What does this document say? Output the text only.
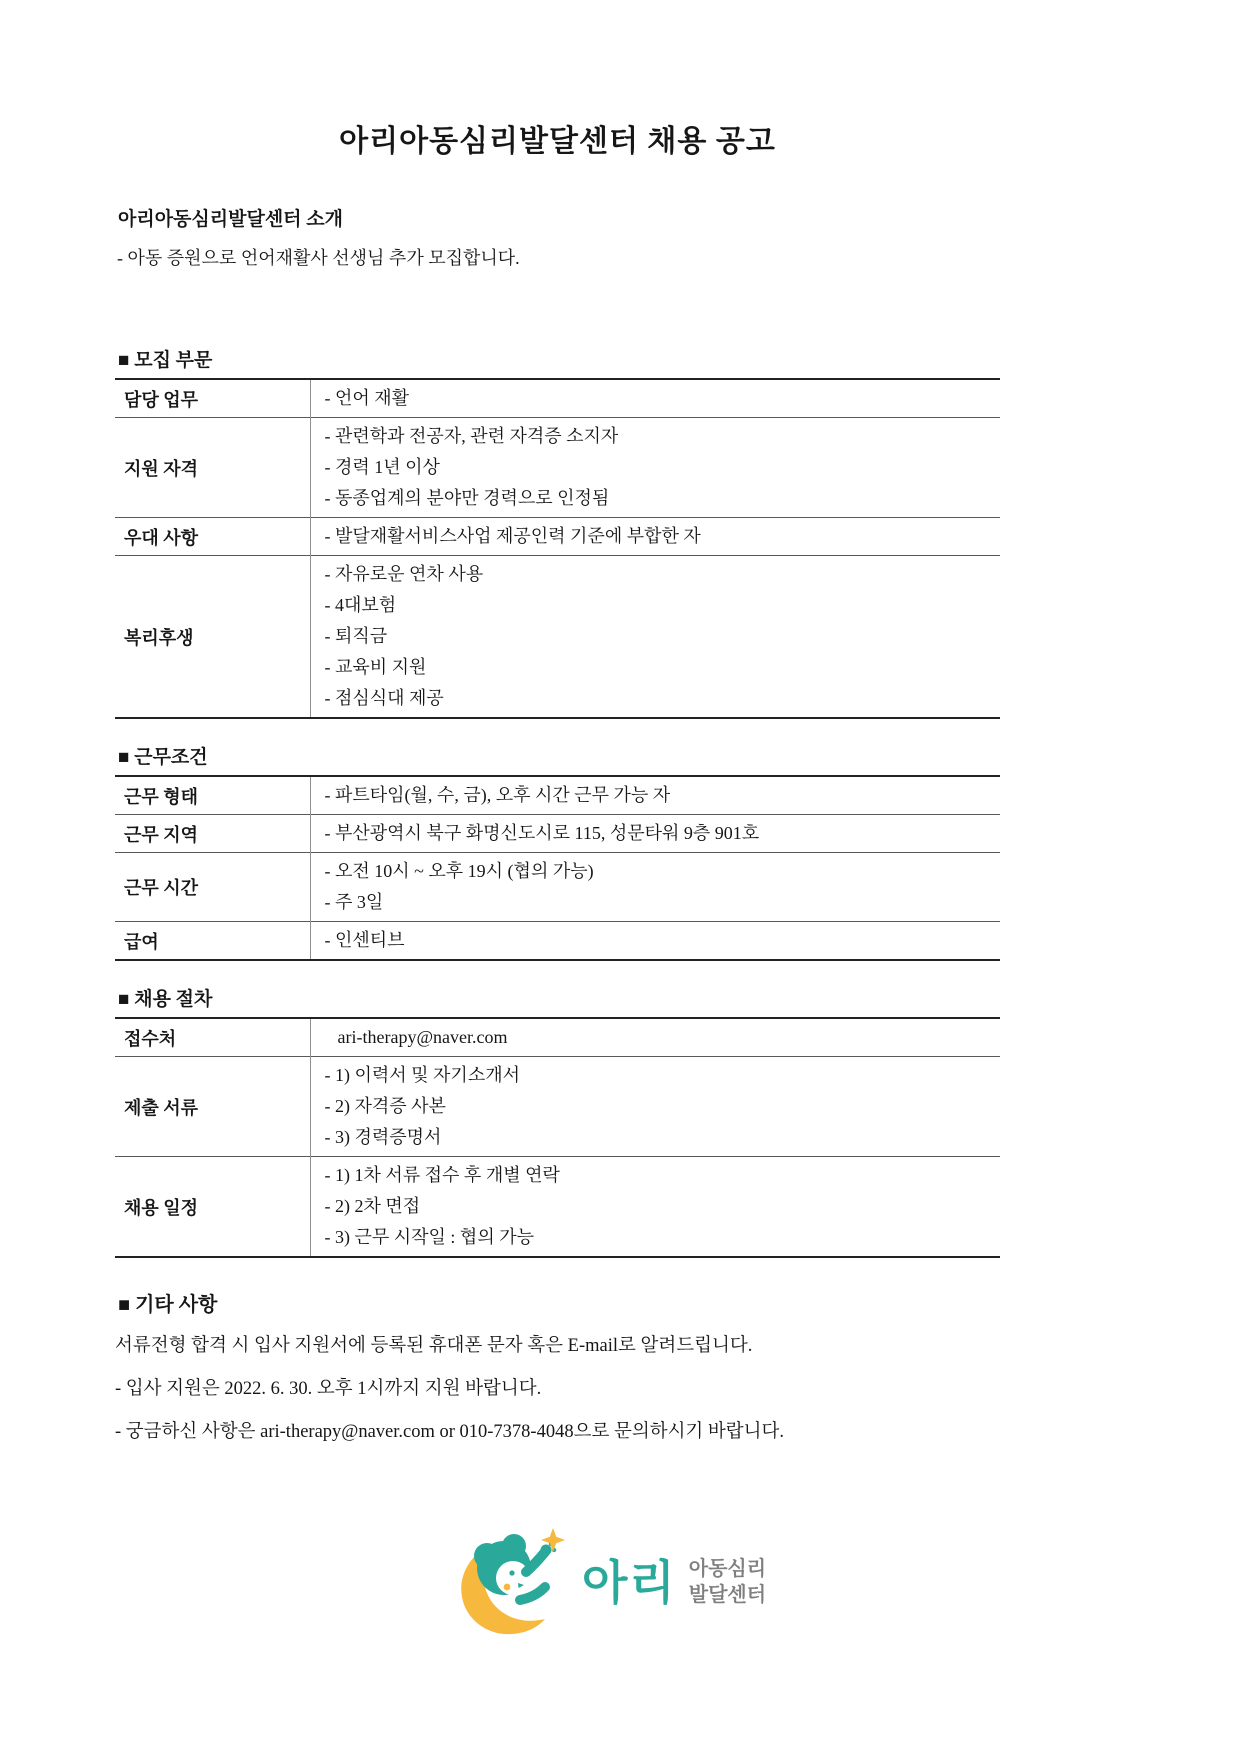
아리아동심리발달센터 채용 공고
아리아동심리발달센터 소개
- 아동 증원으로 언어재활사 선생님 추가 모집합니다.
■ 모집 부문
담당 업무	- 언어 재활

지원 자격	- 관련학과 전공자, 관련 자격증 소지자
- 경력 1년 이상
- 동종업계의 분야만 경력으로 인정됨

우대 사항	- 발달재활서비스사업 제공인력 기준에 부합한 자

복리후생	- 자유로운 연차 사용
- 4대보험
- 퇴직금
- 교육비 지원
- 점심식대 제공
■ 근무조건
근무 형태	- 파트타임(월, 수, 금), 오후 시간 근무 가능 자

근무 지역	- 부산광역시 북구 화명신도시로 115, 성문타워 9층 901호

근무 시간	- 오전 10시 ~ 오후 19시 (협의 가능)
- 주 3일

급여	- 인센티브
■ 채용 절차
접수처	ari-therapy@naver.com

제출 서류	- 1) 이력서 및 자기소개서
- 2) 자격증 사본
- 3) 경력증명서

채용 일정	- 1) 1차 서류 접수 후 개별 연락
- 2) 2차 면접
- 3) 근무 시작일 : 협의 가능
■ 기타 사항
서류전형 합격 시 입사 지원서에 등록된 휴대폰 문자 혹은 E-mail로 알려드립니다.
- 입사 지원은 2022. 6. 30. 오후 1시까지 지원 바랍니다.
- 궁금하신 사항은 ari-therapy@naver.com or 010-7378-4048으로 문의하시기 바랍니다.
아리 아동심리
발달센터
